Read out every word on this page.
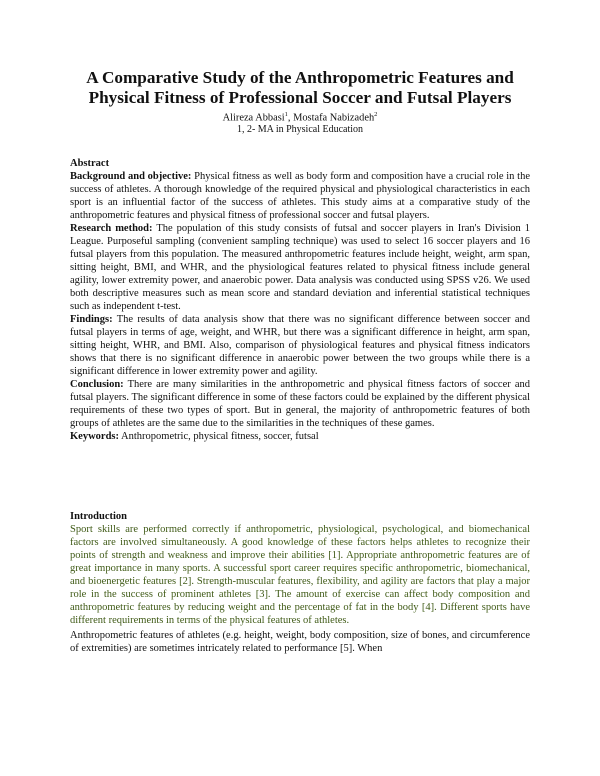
A Comparative Study of the Anthropometric Features and
Physical Fitness of Professional Soccer and Futsal Players
Alireza Abbasi$^1$, Mostafa Nabizadeh$^2$
1, 2- MA in Physical Education
Abstract

Background and objective: Physical fitness as well as body form and composition have a crucial role in the success of athletes. A thorough knowledge of the required physical and physiological characteristics in each sport is an influential factor of the success of athletes. This study aims at a comparative study of the anthropometric features and physical fitness of professional soccer and futsal players.

Research method: The population of this study consists of futsal and soccer players in Iran's Division 1 League. Purposeful sampling (convenient sampling technique) was used to select 16 soccer players and 16 futsal players from this population. The measured anthropometric features include height, weight, arm span, sitting height, BMI, and WHR, and the physiological features related to physical fitness include general agility, lower extremity power, and anaerobic power. Data analysis was conducted using SPSS v26. We used both descriptive measures such as mean score and standard deviation and inferential statistical techniques such as independent t-test.

Findings: The results of data analysis show that there was no significant difference between soccer and futsal players in terms of age, weight, and WHR, but there was a significant difference in height, arm span, sitting height, WHR, and BMI. Also, comparison of physiological features and physical fitness indicators shows that there is no significant difference in anaerobic power between the two groups while there is a significant difference in lower extremity power and agility.

Conclusion: There are many similarities in the anthropometric and physical fitness factors of soccer and futsal players. The significant difference in some of these factors could be explained by the different physical requirements of these two types of sport. But in general, the majority of anthropometric features of both groups of athletes are the same due to the similarities in the techniques of these games.

Keywords: Anthropometric, physical fitness, soccer, futsal

Introduction

Sport skills are performed correctly if anthropometric, physiological, psychological, and biomechanical factors are involved simultaneously. A good knowledge of these factors helps athletes to recognize their points of strength and weakness and improve their abilities [1]. Appropriate anthropometric features are of great importance in many sports. A successful sport career requires specific anthropometric, biomechanical, and bioenergetic features [2]. Strength-muscular features, flexibility, and agility are factors that play a major role in the success of prominent athletes [3]. The amount of exercise can affect body composition and anthropometric features by reducing weight and the percentage of fat in the body [4]. Different sports have different requirements in terms of the physical features of athletes.

Anthropometric features of athletes (e.g. height, weight, body composition, size of bones, and circumference of extremities) are sometimes intricately related to performance [5]. When
